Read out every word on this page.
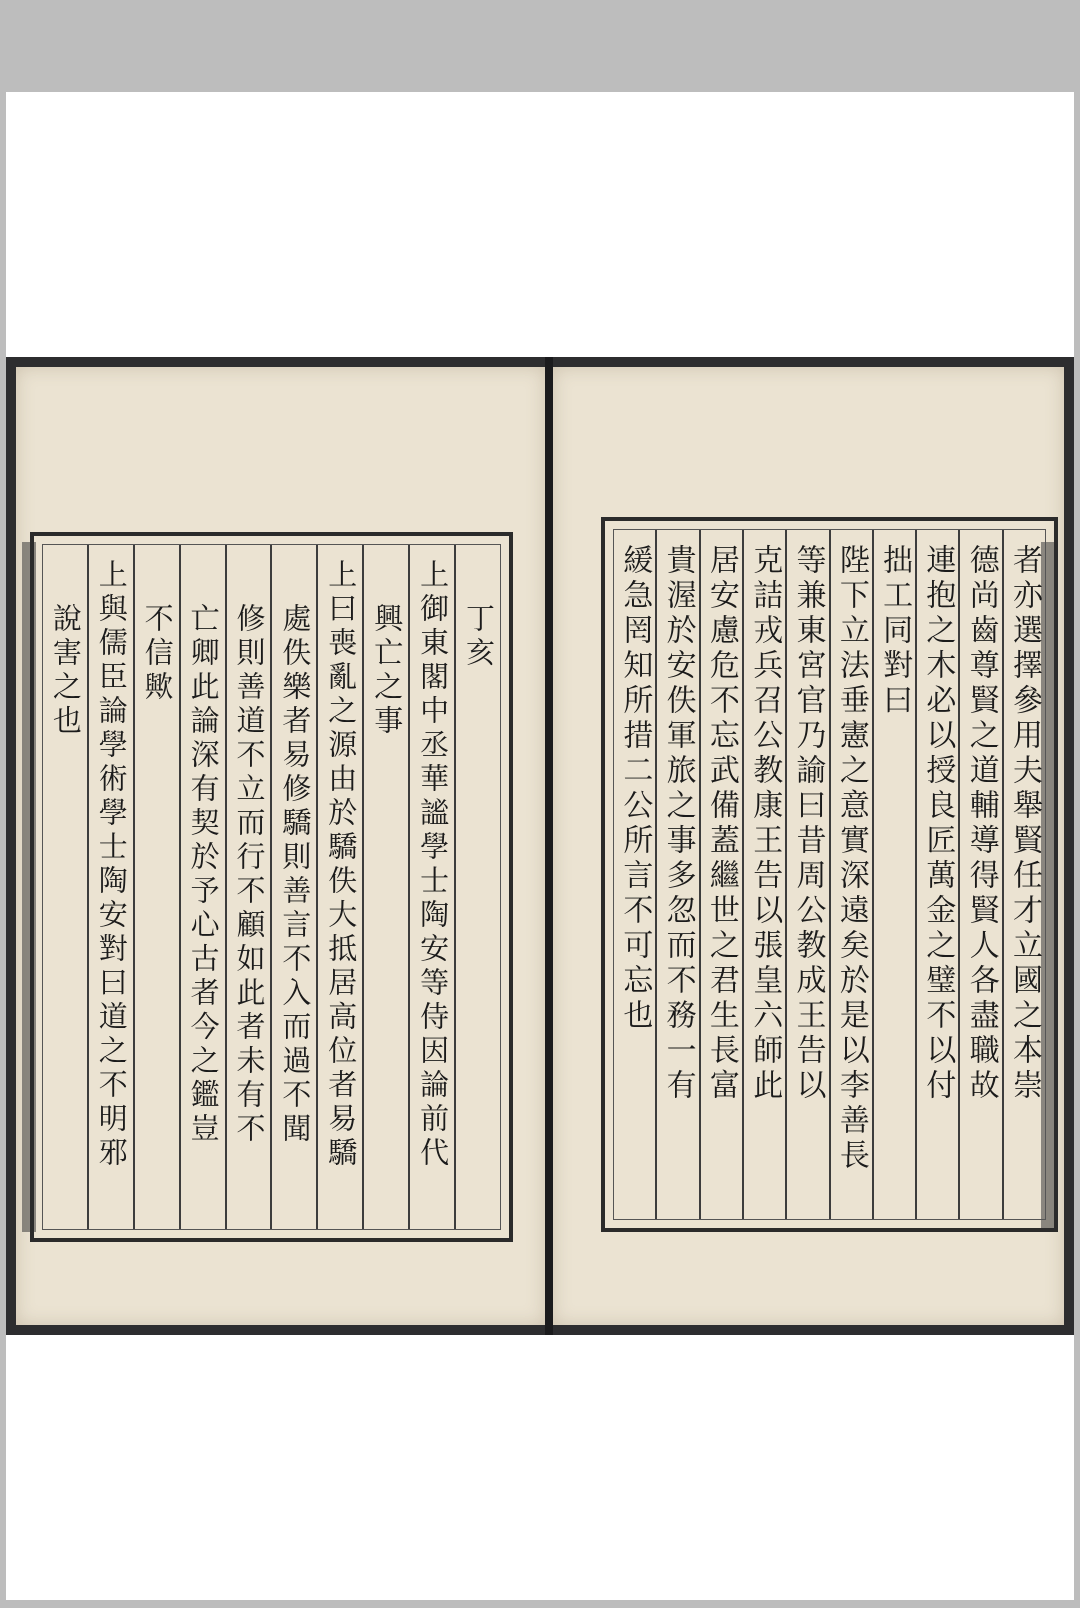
丁亥
上御東閣中丞華謐學士陶安等侍因論前代
興亡之事
上曰喪亂之源由於驕佚大抵居高位者易驕
處佚樂者易修驕則善言不入而過不聞
修則善道不立而行不顧如此者未有不
亡卿此論深有契於予心古者今之鑑豈
不信歟
上與儒臣論學術學士陶安對曰道之不明邪
說害之也	者亦選擇參用夫舉賢任才立國之本崇
德尚齒尊賢之道輔導得賢人各盡職故
連抱之木必以授良匠萬金之璧不以付
拙工同對曰
陛下立法垂憲之意實深遠矣於是以李善長
等兼東宮官乃諭曰昔周公教成王告以
克詰戎兵召公教康王告以張皇六師此
居安慮危不忘武備蓋繼世之君生長富
貴渥於安佚軍旅之事多忽而不務一有
緩急罔知所措二公所言不可忘也
